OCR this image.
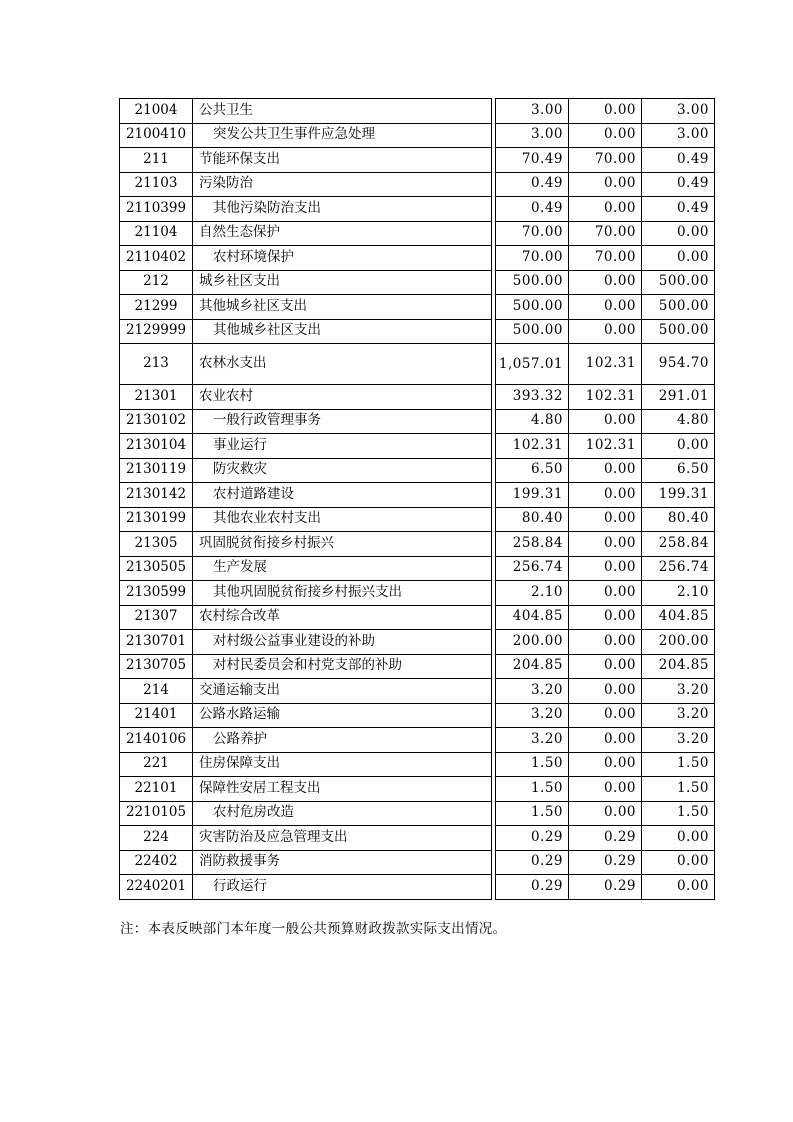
21004	公共卫生		3.00	0.00	3.00
2100410	突发公共卫生事件应急处理		3.00	0.00	3.00
211	节能环保支出		70.49	70.00	0.49
21103	污染防治		0.49	0.00	0.49
2110399	其他污染防治支出		0.49	0.00	0.49
21104	自然生态保护		70.00	70.00	0.00
2110402	农村环境保护		70.00	70.00	0.00
212	城乡社区支出		500.00	0.00	500.00
21299	其他城乡社区支出		500.00	0.00	500.00
2129999	其他城乡社区支出		500.00	0.00	500.00
213	农林水支出		1,057.01	102.31	954.70
21301	农业农村		393.32	102.31	291.01
2130102	一般行政管理事务		4.80	0.00	4.80
2130104	事业运行		102.31	102.31	0.00
2130119	防灾救灾		6.50	0.00	6.50
2130142	农村道路建设		199.31	0.00	199.31
2130199	其他农业农村支出		80.40	0.00	80.40
21305	巩固脱贫衔接乡村振兴		258.84	0.00	258.84
2130505	生产发展		256.74	0.00	256.74
2130599	其他巩固脱贫衔接乡村振兴支出		2.10	0.00	2.10
21307	农村综合改革		404.85	0.00	404.85
2130701	对村级公益事业建设的补助		200.00	0.00	200.00
2130705	对村民委员会和村党支部的补助		204.85	0.00	204.85
214	交通运输支出		3.20	0.00	3.20
21401	公路水路运输		3.20	0.00	3.20
2140106	公路养护		3.20	0.00	3.20
221	住房保障支出		1.50	0.00	1.50
22101	保障性安居工程支出		1.50	0.00	1.50
2210105	农村危房改造		1.50	0.00	1.50
224	灾害防治及应急管理支出		0.29	0.29	0.00
22402	消防救援事务		0.29	0.29	0.00
2240201	行政运行		0.29	0.29	0.00
注：本表反映部门本年度一般公共预算财政拨款实际支出情况。
